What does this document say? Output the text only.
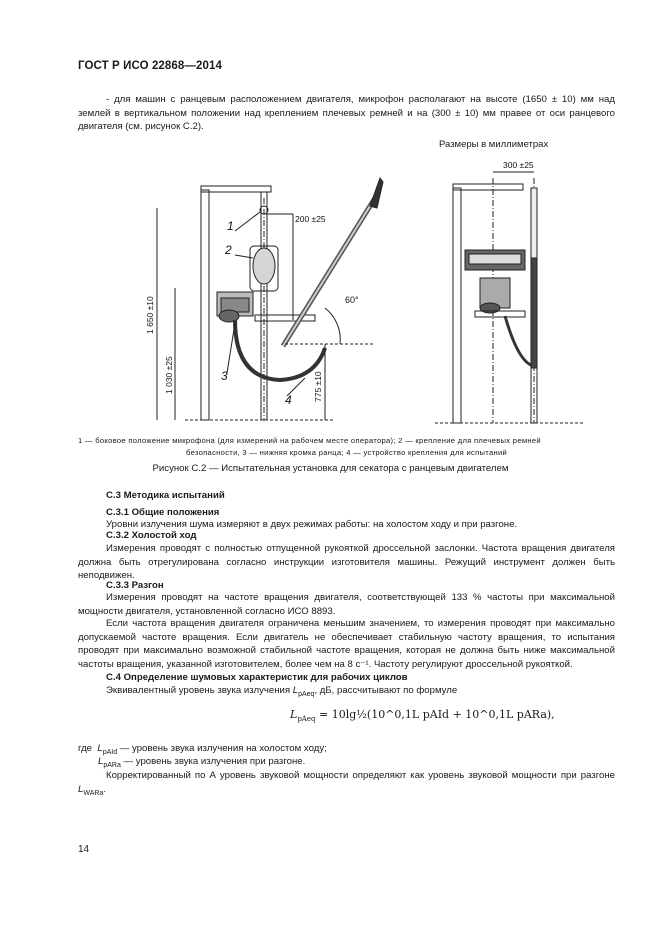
ГОСТ Р ИСО 22868—2014
- для машин с ранцевым расположением двигателя, микрофон располагают на высоте (1650 ± 10) мм над землей в вертикальном положении над креплением плечевых ремней и на (300 ± 10) мм правее от оси ранцевого двигателя (см. рисунок С.2).
Размеры в миллиметрах
1
2
3
4
200 ±25
60°
1 650 ±10
1 030 ±25	775 ±10
300 ±25
1 — боковое положение микрофона (для измерений на рабочем месте оператора); 2 — крепление для плечевых ремней
безопасности, 3 — нижняя кромка ранца; 4 — устройство крепления для испытаний
Рисунок С.2 — Испытательная установка для секатора с ранцевым двигателем
С.3 Методика испытаний
С.3.1 Общие положения
Уровни излучения шума измеряют в двух режимах работы: на холостом ходу и при разгоне.
С.3.2 Холостой ход
Измерения проводят с полностью отпущенной рукояткой дроссельной заслонки. Частота вращения двигателя должна быть отрегулирована согласно инструкции изготовителя машины. Режущий инструмент должен быть неподвижен.
С.3.3 Разгон
Измерения проводят на частоте вращения двигателя, соответствующей 133 % частоты при максимальной мощности двигателя, установленной согласно ИСО 8893.
Если частота вращения двигателя ограничена меньшим значением, то измерения проводят при максимально допускаемой частоте вращения. Если двигатель не обеспечивает стабильную частоту вращения, то испытания проводят при максимально возможной стабильной частоте вращения, которая не должна быть ниже максимальной частоты вращения, указанной изготовителем, более чем на 8 с⁻¹. Частоту регулируют дроссельной рукояткой.
С.4 Определение шумовых характеристик для рабочих циклов
Эквивалентный уровень звука излучения $L_{pAeq}$, дБ, рассчитывают по формуле
$L_{pAeq}$ = 10lg½(10^0,1L pAId + 10^0,1L pARa),
где $L_{pAId}$ — уровень звука излучения на холостом ходу;
$L_{pARa}$ — уровень звука излучения при разгоне.
Корректированный по А уровень звуковой мощности определяют как уровень звуковой мощности при разгоне $L_{WARa}$.
14
